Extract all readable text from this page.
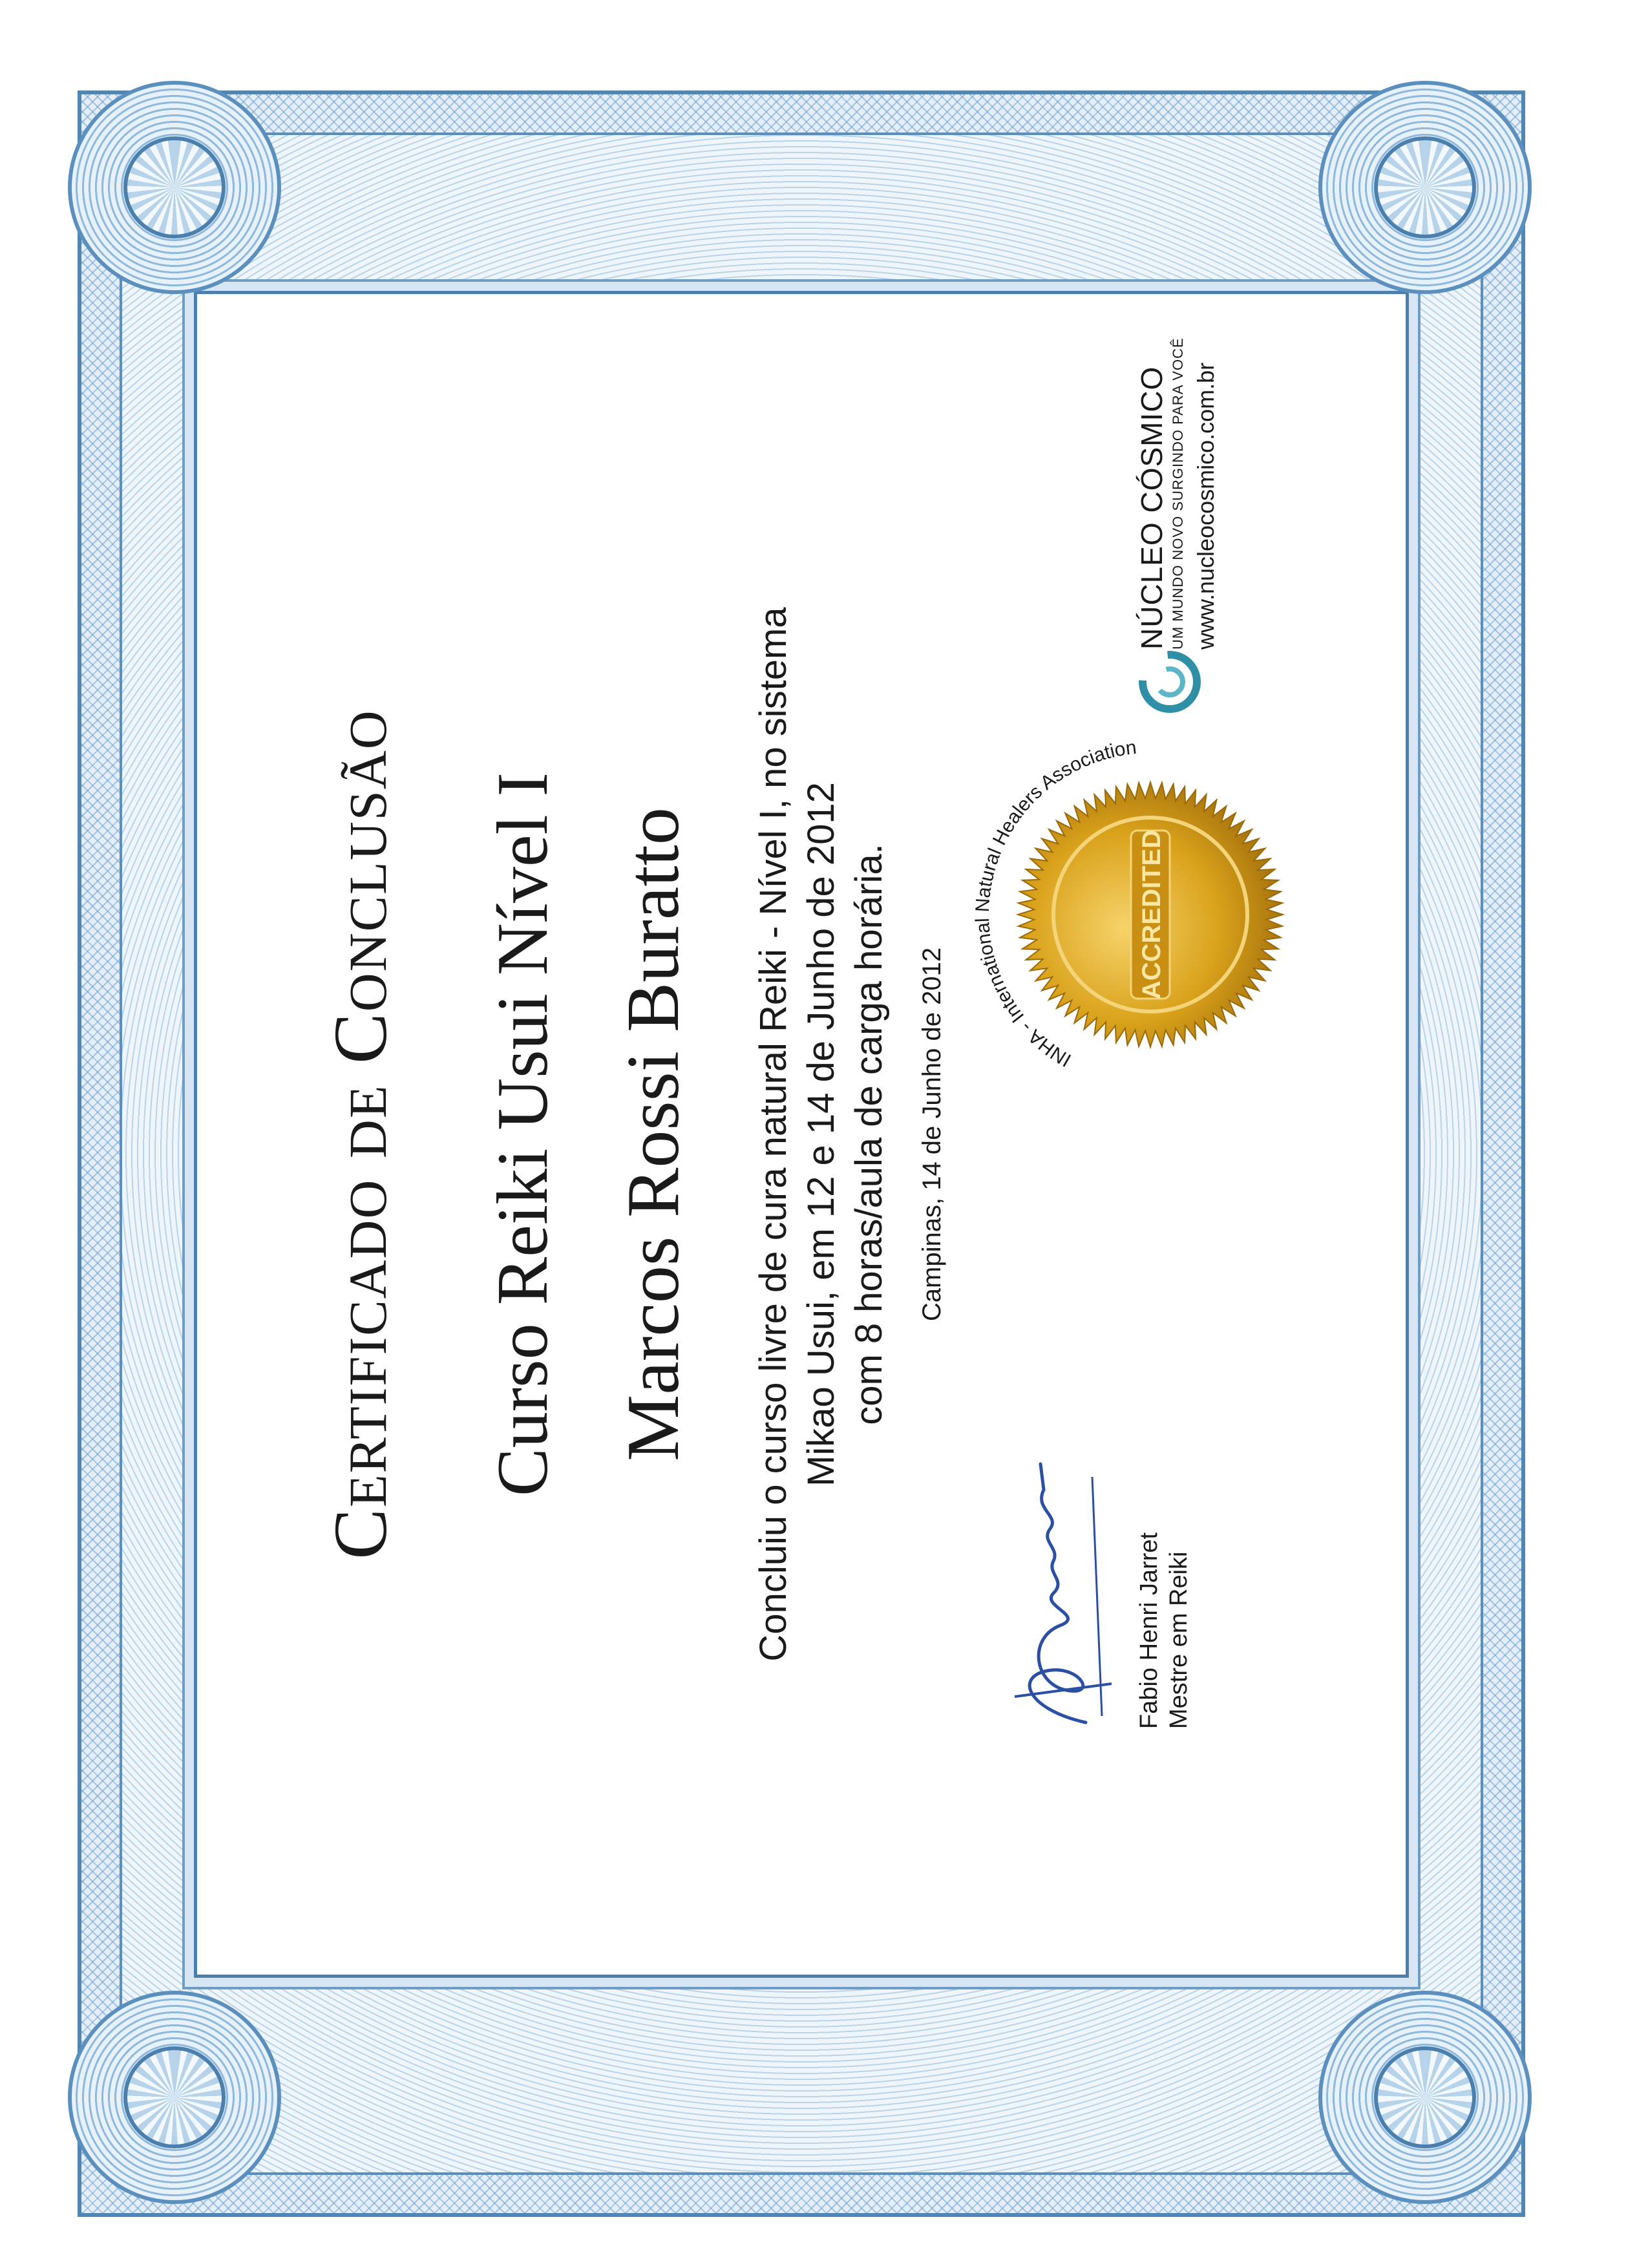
Certificado de Conclusão Curso Reiki Usui Nível I Marcos Rossi Buratto Concluiu o curso livre de cura natural Reiki - Nível I, no sistema Mikao Usui, em 12 e 14 de Junho de 2012 com 8 horas/aula de carga horária. Campinas, 14 de Junho de 2012
Fabio Henri Jarret Mestre em Reiki
ACCREDITED
INHA - International Natural Healers Association
NÚCLEO CÓSMICO UM MUNDO NOVO SURGINDO PARA VOCÊ www.nucleocosmico.com.br
